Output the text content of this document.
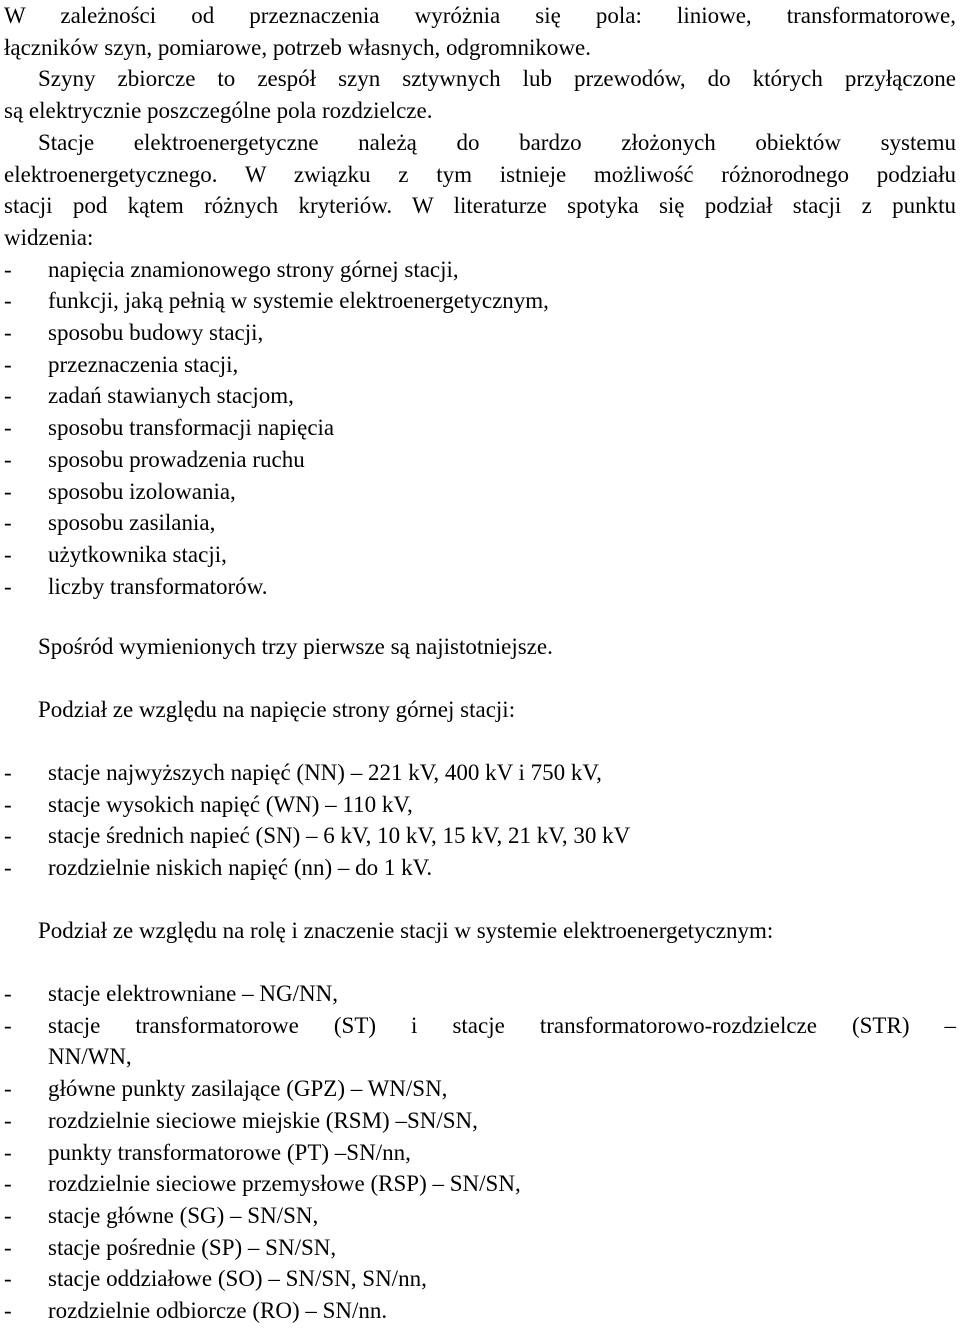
W zależności od przeznaczenia wyróżnia się pola: liniowe, transformatorowe,
łączników szyn, pomiarowe, potrzeb własnych, odgromnikowe.
Szyny zbiorcze to zespół szyn sztywnych lub przewodów, do których przyłączone
są elektrycznie poszczególne pola rozdzielcze.
Stacje elektroenergetyczne należą do bardzo złożonych obiektów systemu
elektroenergetycznego. W związku z tym istnieje możliwość różnorodnego podziału
stacji pod kątem różnych kryteriów. W literaturze spotyka się podział stacji z punktu
widzenia:
-	napięcia znamionowego strony górnej stacji,
-	funkcji, jaką pełnią w systemie elektroenergetycznym,
-	sposobu budowy stacji,
-	przeznaczenia stacji,
-	zadań stawianych stacjom,
-	sposobu transformacji napięcia
-	sposobu prowadzenia ruchu
-	sposobu izolowania,
-	sposobu zasilania,
-	użytkownika stacji,
-	liczby transformatorów.
Spośród wymienionych trzy pierwsze są najistotniejsze.
Podział ze względu na napięcie strony górnej stacji:
-	stacje najwyższych napięć (NN) – 221 kV, 400 kV i 750 kV,
-	stacje wysokich napięć (WN) – 110 kV,
-	stacje średnich napieć (SN) – 6 kV, 10 kV, 15 kV, 21 kV, 30 kV
-	rozdzielnie niskich napięć (nn) – do 1 kV.
Podział ze względu na rolę i znaczenie stacji w systemie elektroenergetycznym:
-	stacje elektrowniane – NG/NN,
-	stacje transformatorowe (ST) i stacje transformatorowo-rozdzielcze (STR) –
NN/WN,
-	główne punkty zasilające (GPZ) – WN/SN,
-	rozdzielnie sieciowe miejskie (RSM) –SN/SN,
-	punkty transformatorowe (PT) –SN/nn,
-	rozdzielnie sieciowe przemysłowe (RSP) – SN/SN,
-	stacje główne (SG) – SN/SN,
-	stacje pośrednie (SP) – SN/SN,
-	stacje oddziałowe (SO) – SN/SN, SN/nn,
-	rozdzielnie odbiorcze (RO) – SN/nn.
